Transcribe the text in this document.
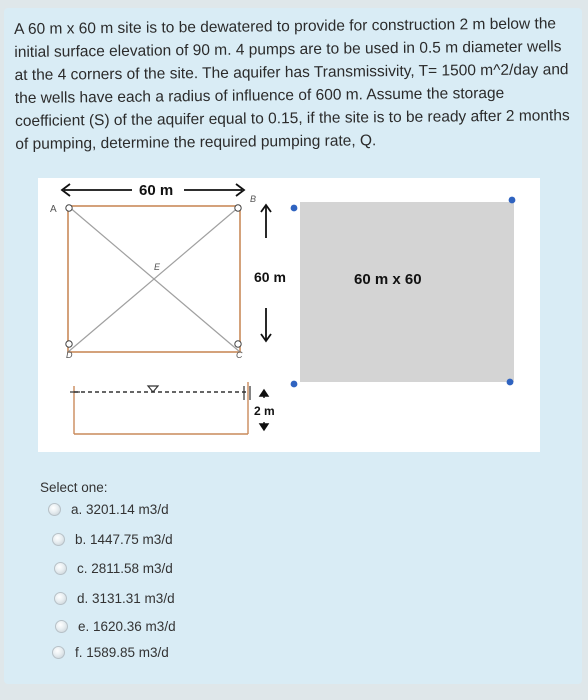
A 60 m x 60 m site is to be dewatered to provide for construction 2 m below the initial surface elevation of 90 m. 4 pumps are to be used in 0.5 m diameter wells at the 4 corners of the site. The aquifer has Transmissivity, T= 1500 m^2/day and the wells have each a radius of influence of 600 m. Assume the storage coefficient (S) of the aquifer equal to 0.15, if the site is to be ready after 2 months of pumping, determine the required pumping rate, Q.

60 m
A
B
C
D
E
60 m
2 m
60 m x 60

Select one:

a. 3201.14 m3/d
b. 1447.75 m3/d
c. 2811.58 m3/d
d. 3131.31 m3/d
e. 1620.36 m3/d
f. 1589.85 m3/d
